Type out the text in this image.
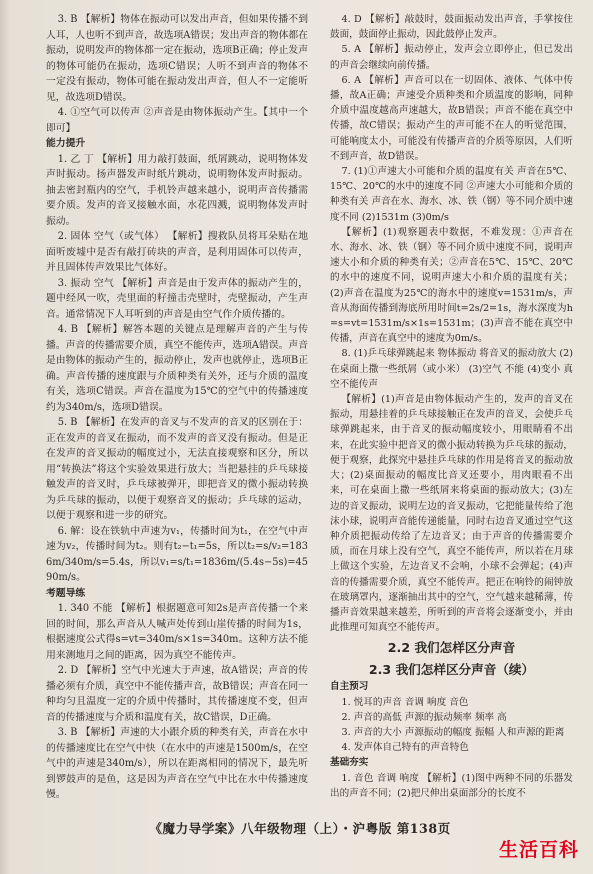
3. B 【解析】物体在振动可以发出声音，但如果传播不到人耳，人也听不到声音，故选项A错误；发出声音的物体都在振动，说明发声的物体都一定在振动，选项B正确；停止发声的物体可能仍在振动，选项C错误；人听不到声音的物体不一定没有振动，物体可能在振动发出声音，但人不一定能听见，故选项D错误。
4. ①空气可以传声 ②声音是由物体振动产生。【其中一个即可】
能力提升
1. 乙 丁 【解析】用力敲打鼓面，纸屑跳动，说明物体发声时振动。扬声器发声时纸片跳动，说明物体发声时振动。抽去密封瓶内的空气，手机铃声越来越小，说明声音传播需要介质。发声的音叉接触水面，水花四溅，说明物体发声时振动。
2. 固体 空气（或气体） 【解析】搜救队员将耳朵贴在地面听废墟中是否有敲打砖块的声音，是利用固体可以传声，并且固体传声效果比气体好。
3. 振动 空气 【解析】声音是由于发声体的振动产生的，题中经风一吹，壳里面的籽撞击壳壁时，壳壁振动，产生声音。通常情况下人耳听到的声音是由空气作介质传播的。
4. B 【解析】解答本题的关键点是理解声音的产生与传播。声音的传播需要介质，真空不能传声，选项A错误。声音是由物体的振动产生的，振动停止，发声也就停止，选项B正确。声音传播的速度跟与介质种类有关外，还与介质的温度有关，选项C错误。声音在温度为15℃的空气中的传播速度约为340m/s，选项D错误。
5. B 【解析】在发声的音叉与不发声的音叉的区别在于：正在发声的音叉在振动，而不发声的音叉没有振动。但是正在发声的音叉振动的幅度过小，无法直接观察和区分，所以用“转换法”将这个实验效果进行放大；当把悬挂的乒乓球接触发声的音叉时，乒乓球被弹开，即把音叉的微小振动转换为乒乓球的振动，以便于观察音叉的振动；乒乓球的运动，以便于观察和进一步的研究。
6. 解：设在铁轨中声速为v₁，传播时间为t₁，在空气中声速为v₂，传播时间为t₂。则有t₂−t₁=5s，所以t₂=s/v₂=1836m/340m/s=5.4s，所以v₁=s/t₁=1836m/(5.4s−5s)=4590m/s。
考题导练
1. 340 不能 【解析】根据题意可知2s是声音传播一个来回的时间，那么声音从人喊声处传到山崖传播的时间为1s，根据速度公式得s=vt=340m/s×1s=340m。这种方法不能用来测地月之间的距离，因为真空不能传声。
2. D 【解析】空气中光速大于声速，故A错误；声音的传播必须有介质，真空中不能传播声音，故B错误；声音在同一种均匀且温度一定的介质中传播时，其传播速度不变，但声音的传播速度与介质和温度有关，故C错误，D正确。
3. B 【解析】声速的大小跟介质的种类有关，声音在水中的传播速度比在空气中快（在水中的声速是1500m/s，在空气中的声速是340m/s），所以在距离相同的情况下，最先听到锣鼓声的是鱼，这是因为声音在空气中比在水中传播速度慢。
4. D 【解析】敲鼓时，鼓面振动发出声音，手掌按住鼓面，鼓面停止振动，因此鼓停止发声。
5. A 【解析】振动停止，发声会立即停止，但已发出的声音会继续向前传播。
6. A 【解析】声音可以在一切固体、液体、气体中传播，故A正确；声速受介质种类和介质温度的影响，同种介质中温度越高声速越大，故B错误；声音不能在真空中传播，故C错误；振动产生的声可能不在人的听觉范围，可能响度太小，可能没有传播声音的介质等原因，人们听不到声音，故D错误。
7. (1)①声速大小可能和介质的温度有关 声音在5℃、15℃、20℃的水中的速度不同 ②声速大小可能和介质的种类有关 声音在水、海水、冰、铁（钢）等不同介质中速度不同 (2)1531m (3)0m/s
【解析】(1)观察题表中数据，不难发现：①声音在水、海水、冰、铁（钢）等不同介质中速度不同，说明声速大小和介质的种类有关；②声音在5℃、15℃、20℃的水中的速度不同，说明声速大小和介质的温度有关；(2)声音在温度为25℃的海水中的速度v=1531m/s，声音从海面传播到海底所用时间t=2s/2=1s，海水深度为h=s=vt=1531m/s×1s=1531m；(3)声音不能在真空中传播，声音在真空中的速度为0m/s。
8. (1)乒乓球弹跳起来 物体振动 将音叉的振动放大 (2)在桌面上撒一些纸屑（或小米） (3)空气 不能 (4)变小 真空不能传声
【解析】(1)声音是由物体振动产生的，发声的音叉在振动，用悬挂着的乒乓球接触正在发声的音叉，会使乒乓球弹跳起来，由于音叉的振动幅度较小，用眼睛看不出来，在此实验中把音叉的微小振动转换为乒乓球的振动，便于观察，此探究中悬挂乒乓球的作用是将音叉的振动放大；(2)桌面振动的幅度比音叉还要小，用肉眼看不出来，可在桌面上撒一些纸屑来将桌面的振动放大；(3)左边的音叉振动，说明左边的音叉振动，它把能量传给了泡沫小球，说明声音能传递能量，同时右边音叉通过空气这种介质把振动传给了左边音叉；由于声音的传播需要介质，而在月球上没有空气，真空不能传声，所以若在月球上做这个实验，左边音叉不会响，小球不会弹起；(4)声音的传播需要介质，真空不能传声。把正在响铃的闹钟放在玻璃罩内，逐渐抽出其中的空气，空气越来越稀薄，传播声音效果越来越差，所听到的声音将会逐渐变小，并由此推理可知真空不能传声。
2.2 我们怎样区分声音
2.3 我们怎样区分声音（续）
自主预习
1. 悦耳的声音 音调 响度 音色
2. 声音的高低 声源的振动频率 频率 高
3. 声音的大小 声源振动的幅度 振幅 人和声源的距离
4. 发声体自己特有的声音特色
基础夯实
1. 音色 音调 响度 【解析】(1)图中两种不同的乐器发出的声音不同；(2)把尺伸出桌面部分的长度不
《魔力导学案》八年级物理（上）・沪粤版 第138页
生活百科
